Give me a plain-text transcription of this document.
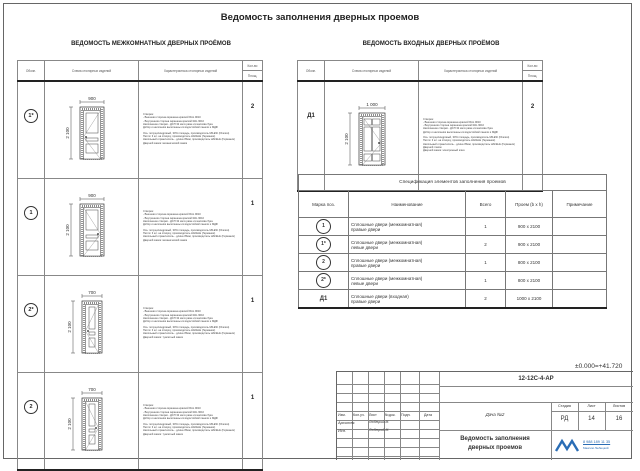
Ведомость заполнения дверных проемов
ВЕДОМОСТЬ МЕЖКОМНАТНЫХ ДВЕРНЫХ ПРОЁМОВ	ВЕДОМОСТЬ ВХОДНЫХ ДВЕРНЫХ ПРОЁМОВ
Обозн.	Схема столярных изделий	Характеристика столярных изделий	Кол-во
			Площ.
1*	
900
2 100

Створка:
- Внешняя сторона окрашена краской RAL 9010
- Внутренняя сторона окрашена краской RAL 9010
Наполнение створки - ДСП 32 мм в раме из массива бука
Добор и наличники выполнены из водостойкой панели и МДФ

Ось: полуцилиндровый, 30% площадь, производитель MILESI (Италия)
Петли: 3 шт. на створку, производитель HAFELE (Германия)
Напольный ограничитель - длина 35мм, производитель HAFELE (Германия)
Дверной замок: механический замок

	2
1	
900
2 100

Створка:
- Внешняя сторона окрашена краской RAL 9010
- Внутренняя сторона окрашена краской RAL 9010
Наполнение створки - ДСП 32 мм в раме из массива бука
Добор и наличники выполнены из водостойкой панели и МДФ

Ось: полуцилиндровый, 30% площадь, производитель MILESI (Италия)
Петли: 3 шт. на створку, производитель HAFELE (Германия)
Напольный ограничитель - длина 35мм, производитель HAFELE (Германия)
Дверной замок: механический замок

	1
2*	
700
2 100

Створка:
- Внешняя сторона окрашена краской RAL 9010
- Внутренняя сторона окрашена краской RAL 9010
Наполнение створки - ДСП 32 мм в раме из массива бука
Добор и наличники выполнены из водостойкой панели и МДФ

Ось: полуцилиндровый, 30% площадь, производитель MILESI (Италия)
Петли: 3 шт. на створку, производитель HAFELE (Германия)
Напольный ограничитель - длина 35мм, производитель HAFELE (Германия)
Дверной замок: туалетный замок

	1
2	
700
2 100

Створка:
- Внешняя сторона окрашена краской RAL 9010
- Внутренняя сторона окрашена краской RAL 9010
Наполнение створки - ДСП 32 мм в раме из массива бука
Добор и наличники выполнены из водостойкой панели и МДФ

Ось: полуцилиндровый, 30% площадь, производитель MILESI (Италия)
Петли: 3 шт. на створку, производитель HAFELE (Германия)
Напольный ограничитель - длина 35мм, производитель HAFELE (Германия)
Дверной замок: туалетный замок

	1
Обозн.	Схема столярных изделий	Характеристика столярных изделий	Кол-во
			Площ.
Д1	
1 000
2 100

Створка:
- Внешняя сторона окрашена краской RAL 9010
- Внутренняя сторона окрашена краской RAL 9010
Наполнение створки - ДСП 32 мм в раме из массива бука
Добор и наличники выполнены из водостойкой панели и МДФ

Ось: полуцилиндровый, 30% площадь, производитель MILESI (Италия)
Петли: 3 шт. на створку, производитель HAFELE (Германия)
Напольный ограничитель - длина 35мм, производитель HAFELE (Германия)
Дверной глазок
Дверной замок: электронный ключ

	2
Спецификация элементов заполнения проемов				
Марка поз.	Наименование	Всего	Проем (b x h)	Примечание
1	Сплошные двери (межкомнатная)
правые двери	1	900 x 2100	
1*	Сплошные двери (межкомнатная)
левые двери	2	900 x 2100	
2	Сплошные двери (межкомнатная)
правые двери	1	800 x 2100	
2*	Сплошные двери (межкомнатная)
левые двери	1	800 x 2100	
Д1	Сплошные двери (входная)
правые двери	2	1000 x 2100	
±0.000=+41.720
Изм. Кол.уч. Лист №док. Подп.	Дата
Архитек.	Любецкий М.
Исп.	Любецкий М.
12-12С-4-АР
Дача №2
Стадия	Лист	Листов
РД	14	16
Ведомость заполнения
дверных проемов
8 988 189 11 35
Максим Любецкий
